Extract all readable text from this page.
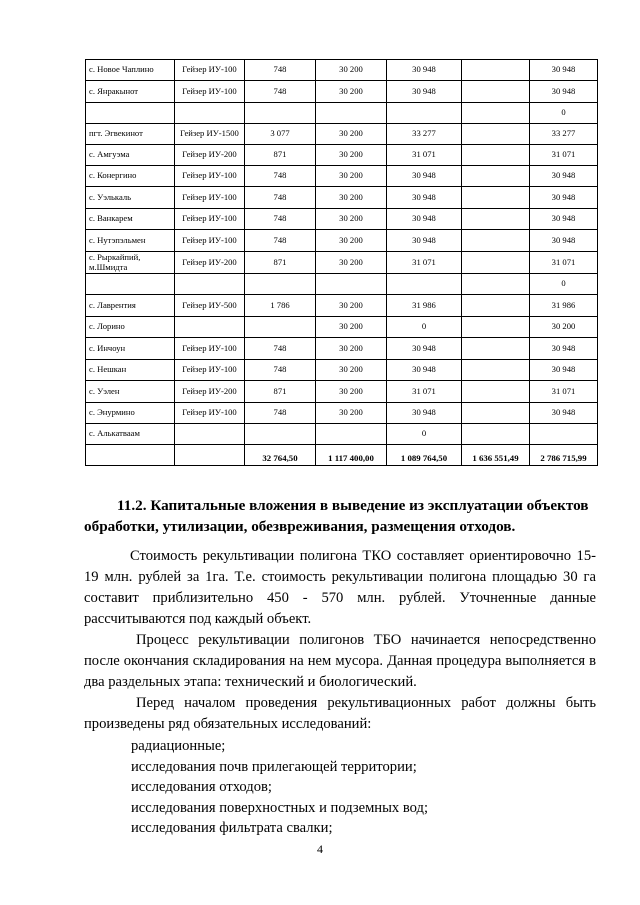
с. Новое Чаплино	Гейзер ИУ-100	748	30 200	30 948		30 948
с. Янракынот	Гейзер ИУ-100	748	30 200	30 948		30 948
						0
пгт. Эгвекинот	Гейзер ИУ-1500	3 077	30 200	33 277		33 277
с. Амгуэма	Гейзер ИУ-200	871	30 200	31 071		31 071
с. Конергино	Гейзер ИУ-100	748	30 200	30 948		30 948
с. Уэлькаль	Гейзер ИУ-100	748	30 200	30 948		30 948
с. Ванкарем	Гейзер ИУ-100	748	30 200	30 948		30 948
с. Нутэпэльмен	Гейзер ИУ-100	748	30 200	30 948		30 948
с. Рыркайпий, м.Шмидта	Гейзер ИУ-200	871	30 200	31 071		31 071
						0
с. Лаврентия	Гейзер ИУ-500	1 786	30 200	31 986		31 986
с. Лорино			30 200	0		30 200
с. Инчоун	Гейзер ИУ-100	748	30 200	30 948		30 948
с. Нешкан	Гейзер ИУ-100	748	30 200	30 948		30 948
с. Уэлен	Гейзер ИУ-200	871	30 200	31 071		31 071
с. Энурмино	Гейзер ИУ-100	748	30 200	30 948		30 948
с. Алькатваам				0		
		32 764,50	1 117 400,00	1 089 764,50	1 636 551,49	2 786 715,99
11.2. Капитальные вложения в выведение из эксплуатации объектов

обработки, утилизации, обезвреживания, размещения отходов.
Стоимость рекультивации полигона ТКО составляет ориентировочно 15-19 млн. рублей за 1га. Т.е. стоимость рекультивации полигона площадью 30 га составит приблизительно 450 - 570 млн. рублей. Уточненные данные рассчитываются под каждый объект.
Процесс рекультивации полигонов ТБО начинается непосредственно после окончания складирования на нем мусора. Данная процедура выполняется в два раздельных этапа: технический и биологический.
Перед началом проведения рекультивационных работ должны быть произведены ряд обязательных исследований:
радиационные;
исследования почв прилегающей территории;
исследования отходов;
исследования поверхностных и подземных вод;
исследования фильтрата свалки;
4
